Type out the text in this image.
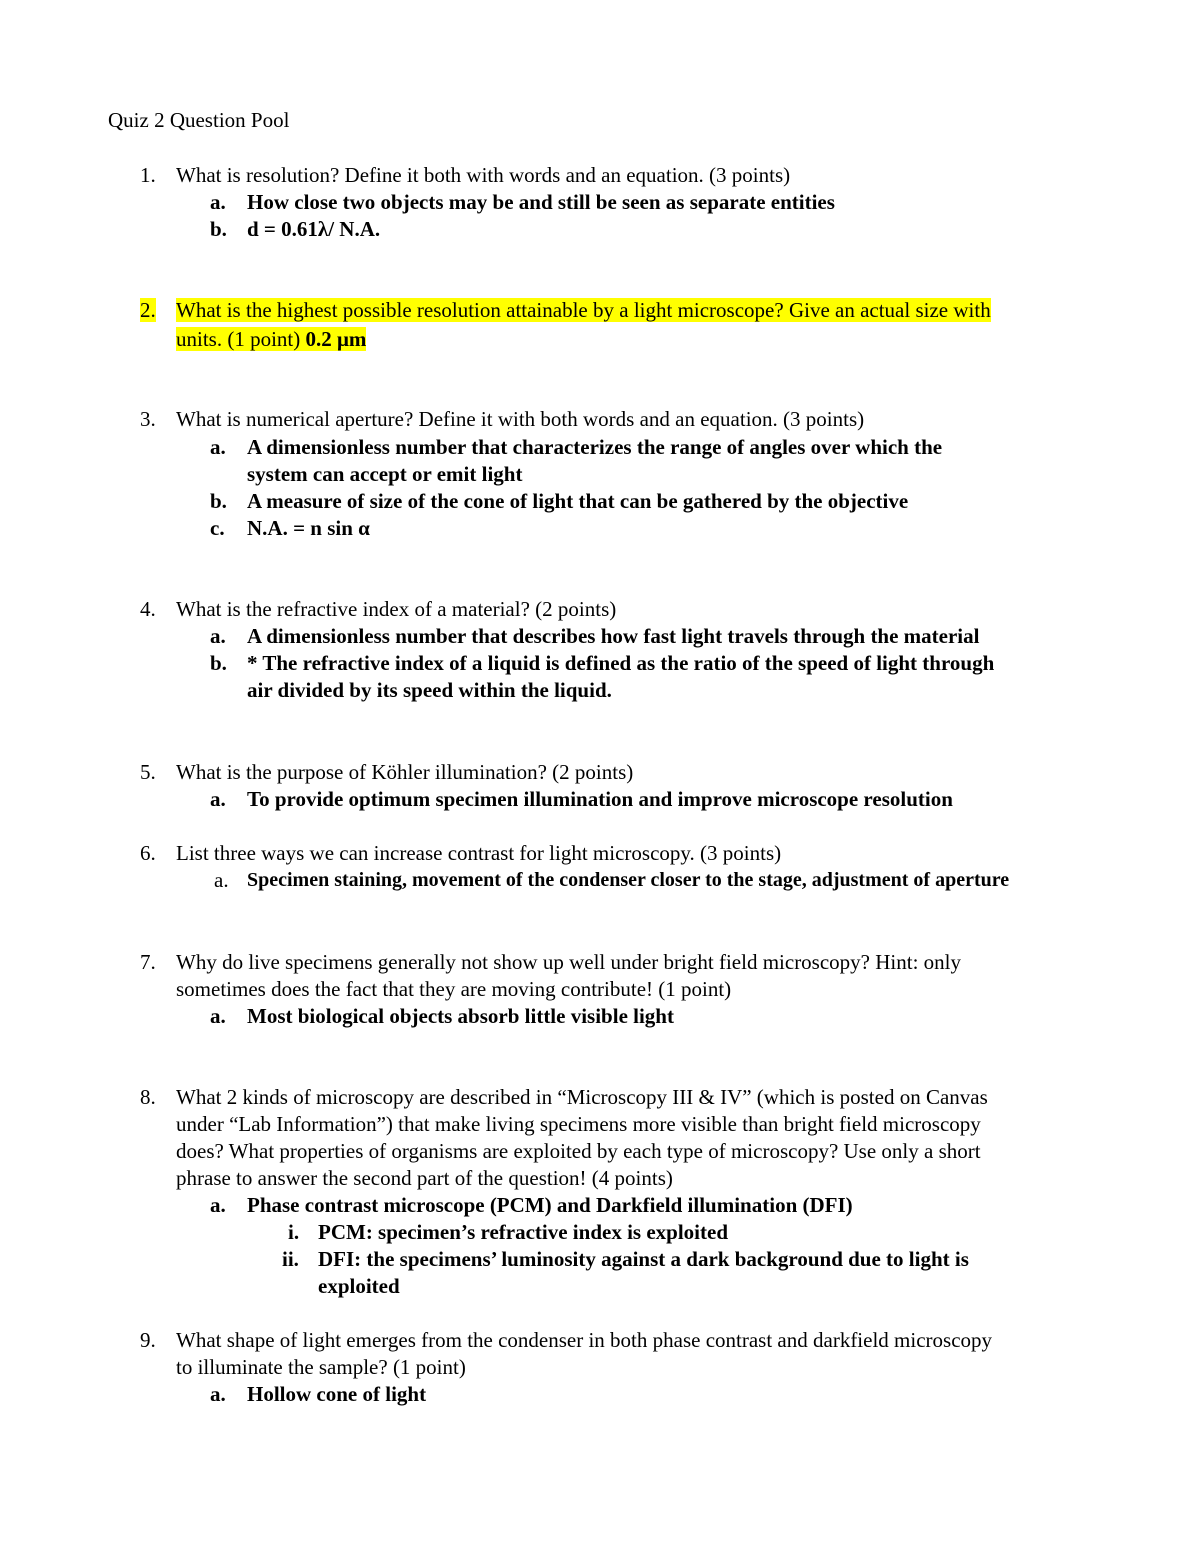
Quiz 2 Question Pool
1. What is resolution? Define it both with words and an equation. (3 points)
a. How close two objects may be and still be seen as separate entities
b. d = 0.61λ/ N.A.
2. What is the highest possible resolution attainable by a light microscope? Give an actual size with
units. (1 point) 0.2 μm
3. What is numerical aperture? Define it with both words and an equation. (3 points)
a. A dimensionless number that characterizes the range of angles over which the
system can accept or emit light
b. A measure of size of the cone of light that can be gathered by the objective
c. N.A. = n sin α
4. What is the refractive index of a material? (2 points)
a. A dimensionless number that describes how fast light travels through the material
b. * The refractive index of a liquid is defined as the ratio of the speed of light through
air divided by its speed within the liquid.
5. What is the purpose of Köhler illumination? (2 points)
a. To provide optimum specimen illumination and improve microscope resolution
6. List three ways we can increase contrast for light microscopy. (3 points)
a. Specimen staining, movement of the condenser closer to the stage, adjustment of aperture
7. Why do live specimens generally not show up well under bright field microscopy? Hint: only
sometimes does the fact that they are moving contribute! (1 point)
a. Most biological objects absorb little visible light
8. What 2 kinds of microscopy are described in “Microscopy III & IV” (which is posted on Canvas
under “Lab Information”) that make living specimens more visible than bright field microscopy
does? What properties of organisms are exploited by each type of microscopy? Use only a short
phrase to answer the second part of the question! (4 points)
a. Phase contrast microscope (PCM) and Darkfield illumination (DFI)
i. PCM: specimen’s refractive index is exploited
ii. DFI: the specimens’ luminosity against a dark background due to light is
exploited
9. What shape of light emerges from the condenser in both phase contrast and darkfield microscopy
to illuminate the sample? (1 point)
a. Hollow cone of light
